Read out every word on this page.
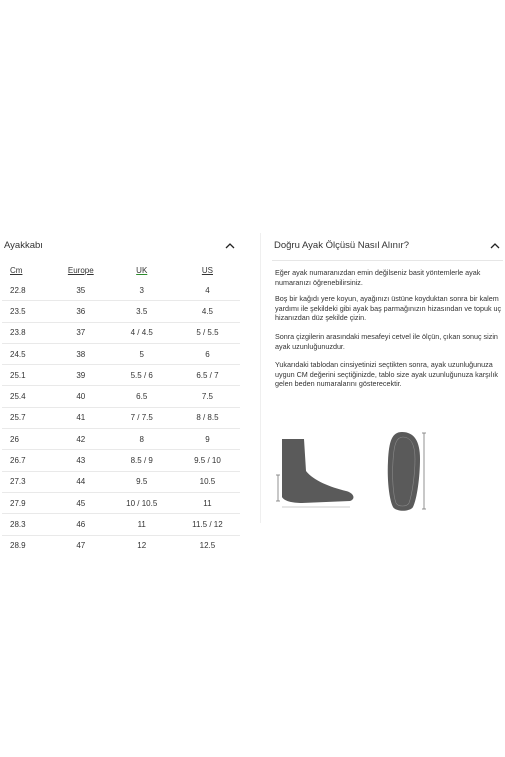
Ayakkabı
Cm	Europe	UK	US
22.8	35	3	4
23.5	36	3.5	4.5
23.8	37	4 / 4.5	5 / 5.5
24.5	38	5	6
25.1	39	5.5 / 6	6.5 / 7
25.4	40	6.5	7.5
25.7	41	7 / 7.5	8 / 8.5
26	42	8	9
26.7	43	8.5 / 9	9.5 / 10
27.3	44	9.5	10.5
27.9	45	10 / 10.5	11
28.3	46	11	11.5 / 12
28.9	47	12	12.5
Doğru Ayak Ölçüsü Nasıl Alınır?

Eğer ayak numaranızdan emin değilseniz basit yöntemlerle ayak numaranızı öğrenebilirsiniz.

Boş bir kağıdı yere koyun, ayağınızı üstüne koyduktan sonra bir kalem yardımı ile şekildeki gibi ayak baş parmağınızın hizasından ve topuk uç hizanızdan düz şekilde çizin.

Sonra çizgilerin arasındaki mesafeyi cetvel ile ölçün, çıkan sonuç sizin ayak uzunluğunuzdur.

Yukarıdaki tablodan cinsiyetinizi seçtikten sonra, ayak uzunluğunuza uygun CM değerini seçtiğinizde, tablo size ayak uzunluğunuza karşılık gelen beden numaralarını gösterecektir.
